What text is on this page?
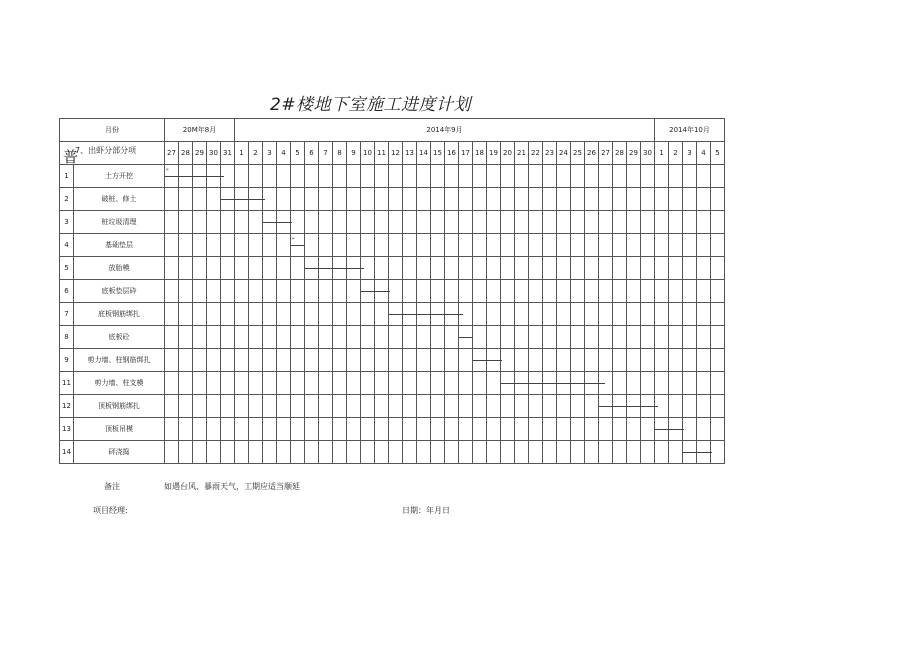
2#楼地下室施工进度计划
月份		20M年8月					2014年9月																														2014年10月				

普
7、出虾分部分项		27	28	29	30	31	1	2	3	4	5	6	7	8	9	10	11	12	13	14	15	16	17	18	19	20	21	22	23	24	25	26	27	28	29	30	1	2	3	4	5
1	土方开挖	"																																							

2	破桩、修土					

3	桩垃圾清理								

4	基础垫层										"																														

5	放胎模											

6	底板垫层砕															

7	底板钢筋绑扎																	

8	底板砼																						

9	剪力墙、柱钢筋绑扎																							

11	剪力墙、柱支模																									

12	顶板钢筋绑扎																																

13	顶板吊模																																				

14	砰浇捣																																						

备注	如遇台风、暴雨天气，工期应适当顺延
项目经理:	日期：年月日
